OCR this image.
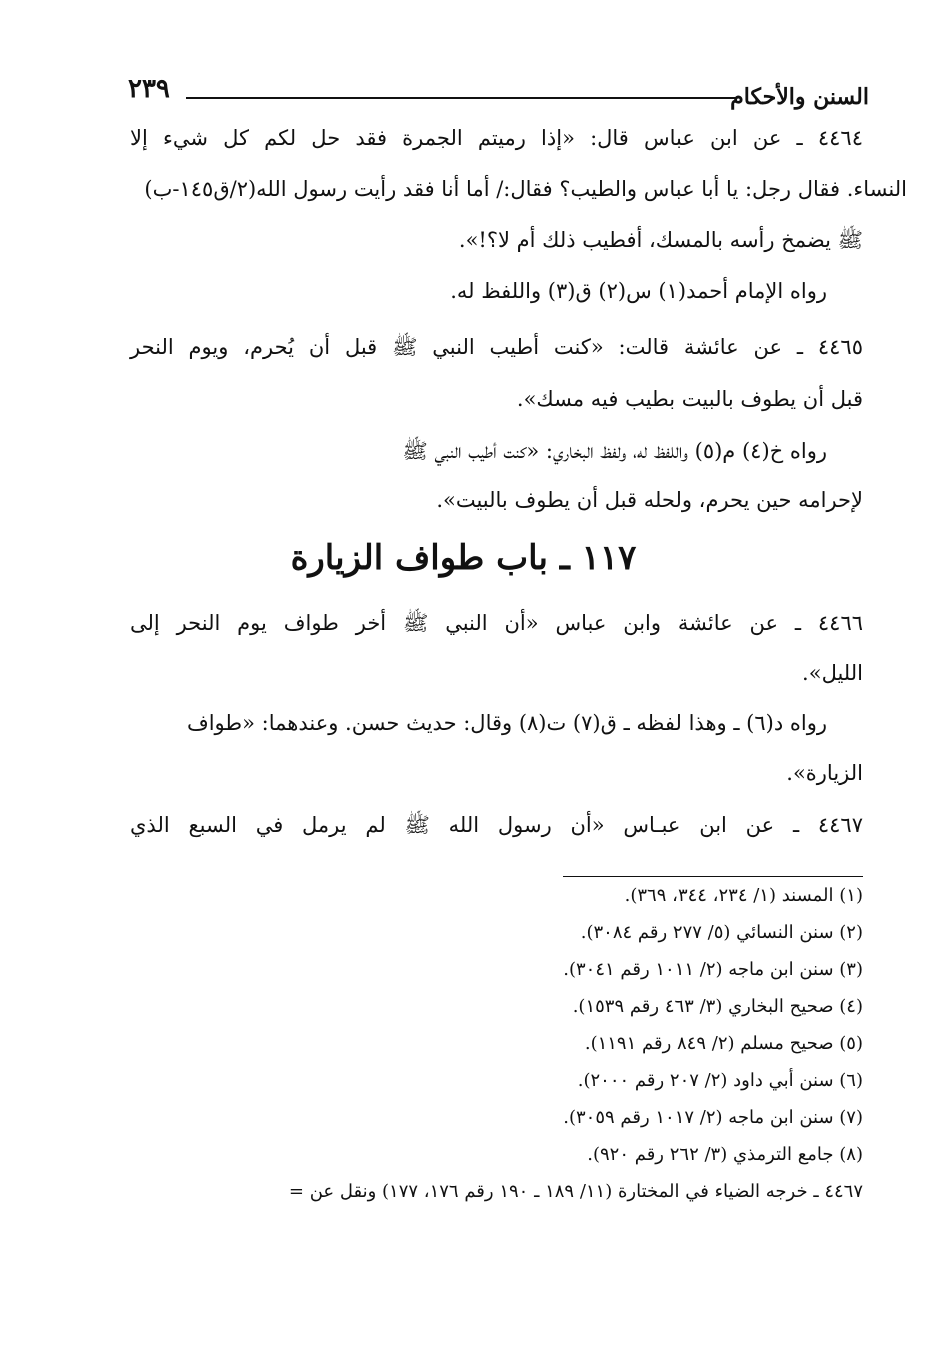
السنن والأحكام
٢٣٩
٤٤٦٤ ـ عن ابن عباس قال: «إذا رميتم الجمرة فقد حل لكم كل شيء إلا
النساء. فقال رجل: يا أبا عباس والطيب؟ فقال:/ أما أنا فقد رأيت رسول الله(٢/ق١٤٥-ب)
ﷺ يضمخ رأسه بالمسك، أفطيب ذلك أم لا؟!».
رواه الإمام أحمد(١) س(٢) ق(٣) واللفظ له.
٤٤٦٥ ـ عن عائشة قالت: «كنت أطيب النبي ﷺ قبل أن يُحرم، ويوم النحر
قبل أن يطوف بالبيت بطيب فيه مسك».
رواه خ(٤) م(٥) واللفظ له، ولفظ البخاري: «كنت أطيب النبي ﷺ
لإحرامه حين يحرم، ولحله قبل أن يطوف بالبيت».
١١٧ ـ باب طواف الزيارة
٤٤٦٦ ـ عن عائشة وابن عباس «أن النبي ﷺ أخر طواف يوم النحر إلى
الليل».
رواه د(٦) ـ وهذا لفظه ـ ق(٧) ت(٨) وقال: حديث حسن. وعندهما: «طواف
الزيارة».
٤٤٦٧ ـ عن ابن عبـاس «أن رسول الله ﷺ لم يرمل في السبع الذي
(١) المسند (١/ ٢٣٤، ٣٤٤، ٣٦٩).
(٢) سنن النسائي (٥/ ٢٧٧ رقم ٣٠٨٤).
(٣) سنن ابن ماجه (٢/ ١٠١١ رقم ٣٠٤١).
(٤) صحيح البخاري (٣/ ٤٦٣ رقم ١٥٣٩).
(٥) صحيح مسلم (٢/ ٨٤٩ رقم ١١٩١).
(٦) سنن أبي داود (٢/ ٢٠٧ رقم ٢٠٠٠).
(٧) سنن ابن ماجه (٢/ ١٠١٧ رقم ٣٠٥٩).
(٨) جامع الترمذي (٣/ ٢٦٢ رقم ٩٢٠).
٤٤٦٧ ـ خرجه الضياء في المختارة (١١/ ١٨٩ ـ ١٩٠ رقم ١٧٦، ١٧٧) ونقل عن =
